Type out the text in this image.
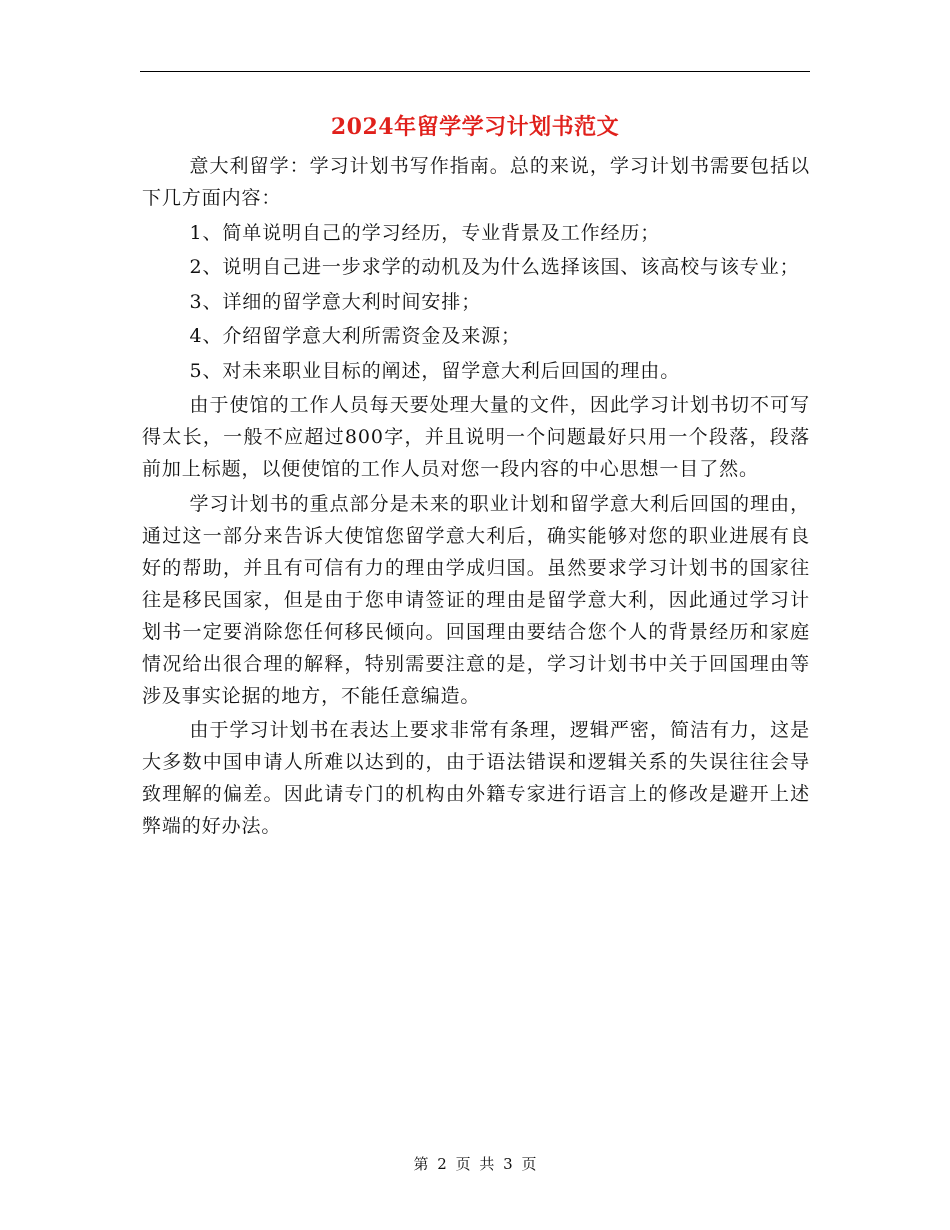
2024年留学学习计划书范文

意大利留学：学习计划书写作指南。总的来说，学习计划书需要包括以下几方面内容：

1、简单说明自己的学习经历，专业背景及工作经历；

2、说明自己进一步求学的动机及为什么选择该国、该高校与该专业；

3、详细的留学意大利时间安排；

4、介绍留学意大利所需资金及来源；

5、对未来职业目标的阐述，留学意大利后回国的理由。

由于使馆的工作人员每天要处理大量的文件，因此学习计划书切不可写得太长，一般不应超过800字，并且说明一个问题最好只用一个段落，段落前加上标题，以便使馆的工作人员对您一段内容的中心思想一目了然。

学习计划书的重点部分是未来的职业计划和留学意大利后回国的理由，通过这一部分来告诉大使馆您留学意大利后，确实能够对您的职业进展有良好的帮助，并且有可信有力的理由学成归国。虽然要求学习计划书的国家往往是移民国家，但是由于您申请签证的理由是留学意大利，因此通过学习计划书一定要消除您任何移民倾向。回国理由要结合您个人的背景经历和家庭情况给出很合理的解释，特别需要注意的是，学习计划书中关于回国理由等涉及事实论据的地方，不能任意编造。

由于学习计划书在表达上要求非常有条理，逻辑严密，简洁有力，这是大多数中国申请人所难以达到的，由于语法错误和逻辑关系的失误往往会导致理解的偏差。因此请专门的机构由外籍专家进行语言上的修改是避开上述弊端的好办法。

第 2 页 共 3 页
